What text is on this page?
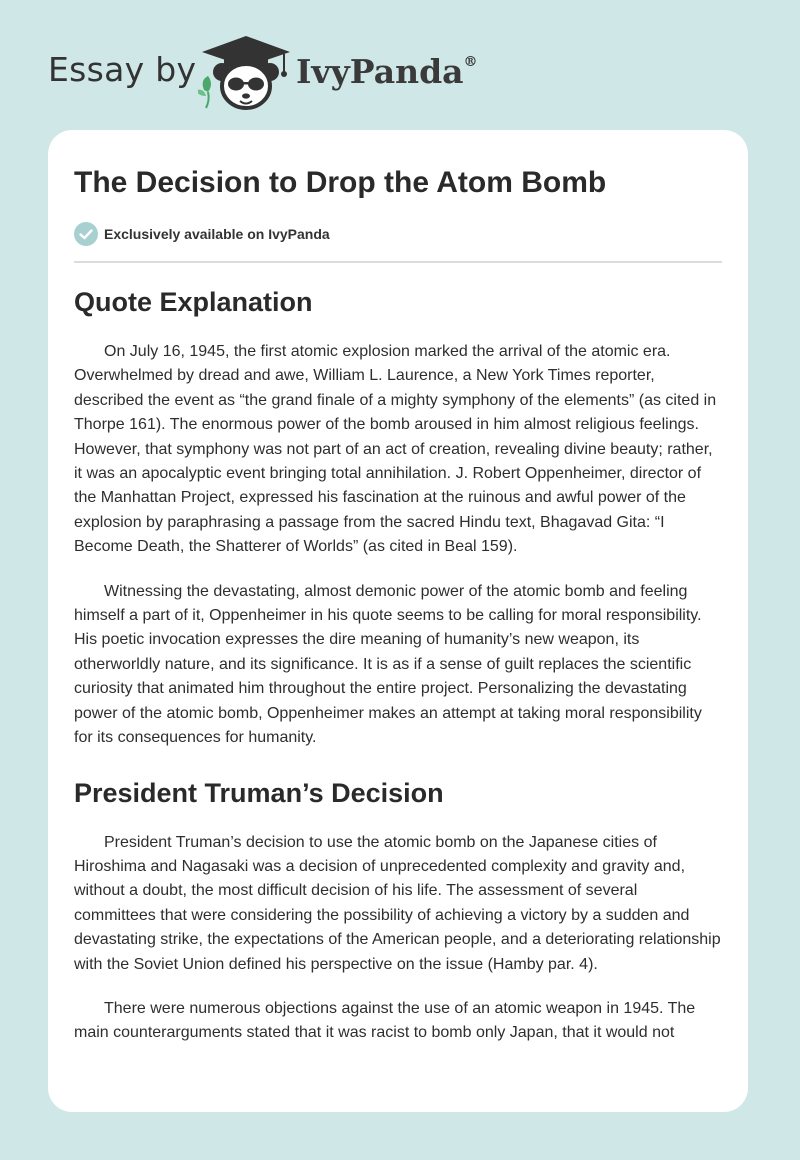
Essay by	IvyPanda®
The Decision to Drop the Atom Bomb
Exclusively available on IvyPanda
Quote Explanation

On July 16, 1945, the first atomic explosion marked the arrival of the atomic era. Overwhelmed by dread and awe, William L. Laurence, a New York Times reporter, described the event as “the grand finale of a mighty symphony of the elements” (as cited in Thorpe 161). The enormous power of the bomb aroused in him almost religious feelings. However, that symphony was not part of an act of creation, revealing divine beauty; rather, it was an apocalyptic event bringing total annihilation. J. Robert Oppenheimer, director of the Manhattan Project, expressed his fascination at the ruinous and awful power of the explosion by paraphrasing a passage from the sacred Hindu text, Bhagavad Gita: “I Become Death, the Shatterer of Worlds” (as cited in Beal 159).

Witnessing the devastating, almost demonic power of the atomic bomb and feeling himself a part of it, Oppenheimer in his quote seems to be calling for moral responsibility. His poetic invocation expresses the dire meaning of humanity’s new weapon, its otherworldly nature, and its significance. It is as if a sense of guilt replaces the scientific curiosity that animated him throughout the entire project. Personalizing the devastating power of the atomic bomb, Oppenheimer makes an attempt at taking moral responsibility for its consequences for humanity.

President Truman’s Decision

President Truman’s decision to use the atomic bomb on the Japanese cities of Hiroshima and Nagasaki was a decision of unprecedented complexity and gravity and, without a doubt, the most difficult decision of his life. The assessment of several committees that were considering the possibility of achieving a victory by a sudden and devastating strike, the expectations of the American people, and a deteriorating relationship with the Soviet Union defined his perspective on the issue (Hamby par. 4).

There were numerous objections against the use of an atomic weapon in 1945. The main counterarguments stated that it was racist to bomb only Japan, that it would not
